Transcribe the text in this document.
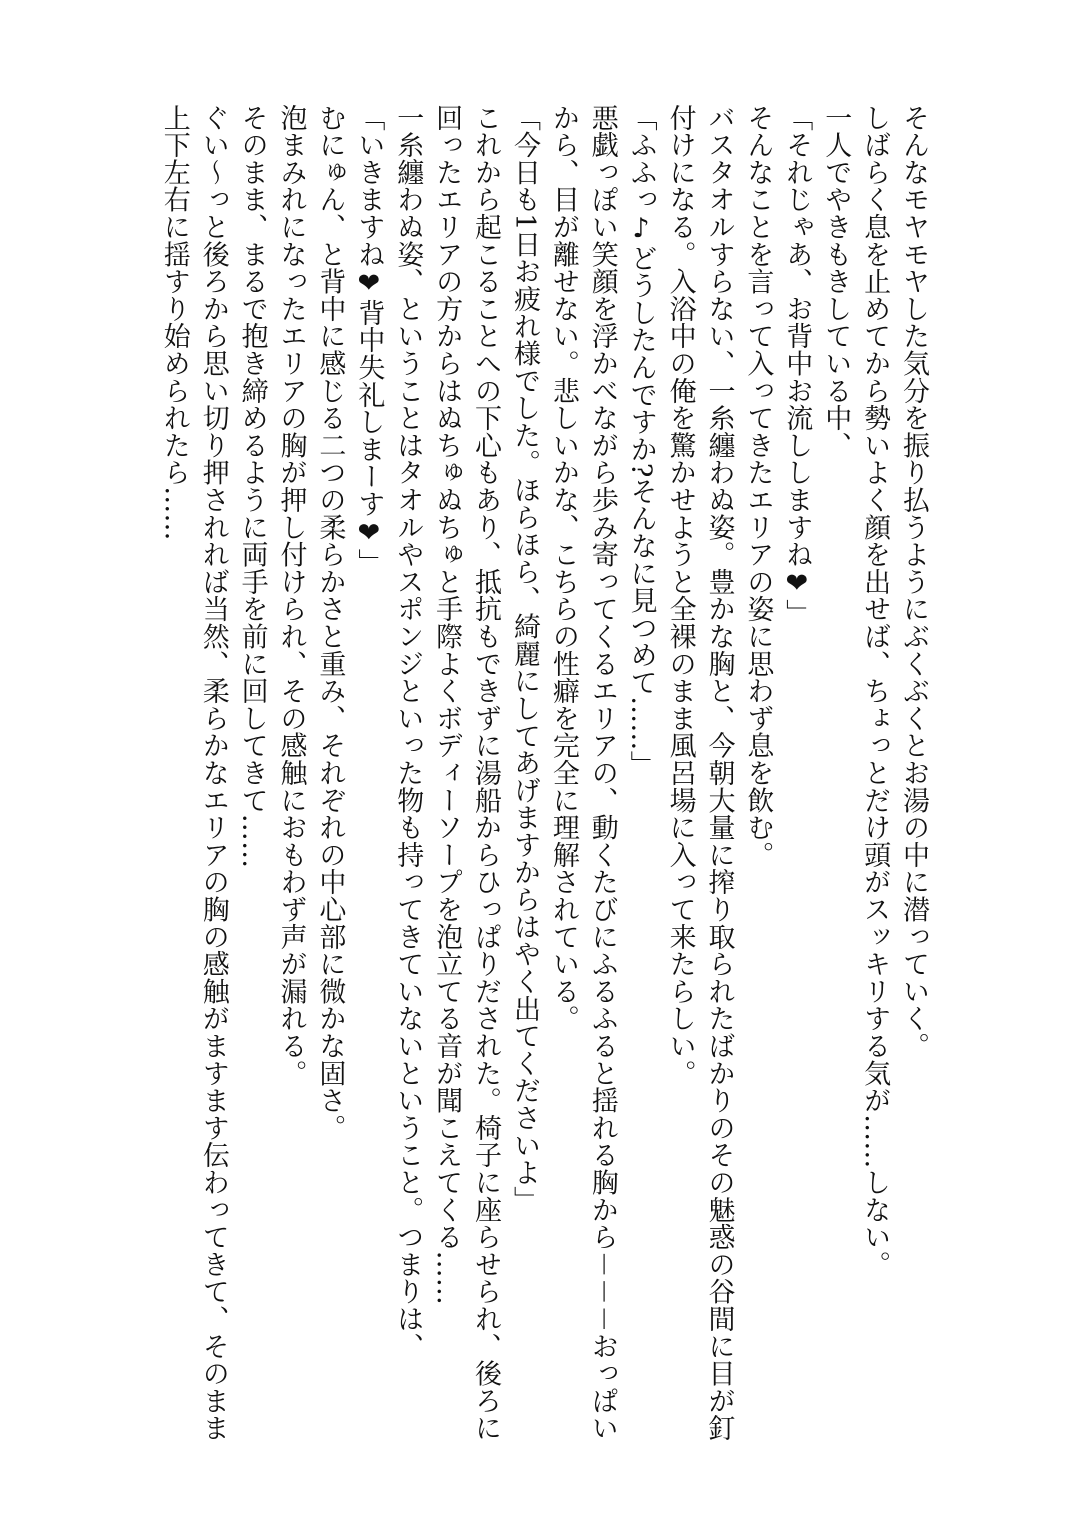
そんなモヤモヤした気分を振り払うようにぶくぶくとお湯の中に潜っていく。

しばらく息を止めてから勢いよく顔を出せば、ちょっとだけ頭がスッキリする気が……しない。

一人でやきもきしている中、

「それじゃあ、お背中お流ししますね❤」

そんなことを言って入ってきたエリアの姿に思わず息を飲む。

バスタオルすらない、一糸纏わぬ姿。豊かな胸と、今朝大量に搾り取られたばかりのその魅惑の谷間に目が釘付けになる。入浴中の俺を驚かせようと全裸のまま風呂場に入って来たらしい。

「ふふっ♪どうしたんですか?そんなに見つめて……」

悪戯っぽい笑顔を浮かべながら歩み寄ってくるエリアの、動くたびにふるふると揺れる胸から－－－おっぱいから、目が離せない。悲しいかな、こちらの性癖を完全に理解されている。

「今日も1日お疲れ様でした。ほらほら、綺麗にしてあげますからはやく出てくださいよ」

これから起こることへの下心もあり、抵抗もできずに湯船からひっぱりだされた。椅子に座らせられ、後ろに回ったエリアの方からはぬちゅぬちゅと手際よくボディーソープを泡立てる音が聞こえてくる……

一糸纏わぬ姿、ということはタオルやスポンジといった物も持ってきていないということ。つまりは、

「いきますね❤背中失礼しまーす❤」

むにゅん、と背中に感じる二つの柔らかさと重み、それぞれの中心部に微かな固さ。

泡まみれになったエリアの胸が押し付けられ、その感触におもわず声が漏れる。

そのまま、まるで抱き締めるように両手を前に回してきて……

ぐい～っと後ろから思い切り押されれば当然、柔らかなエリアの胸の感触がますます伝わってきて、そのまま上下左右に揺すり始められたら……
